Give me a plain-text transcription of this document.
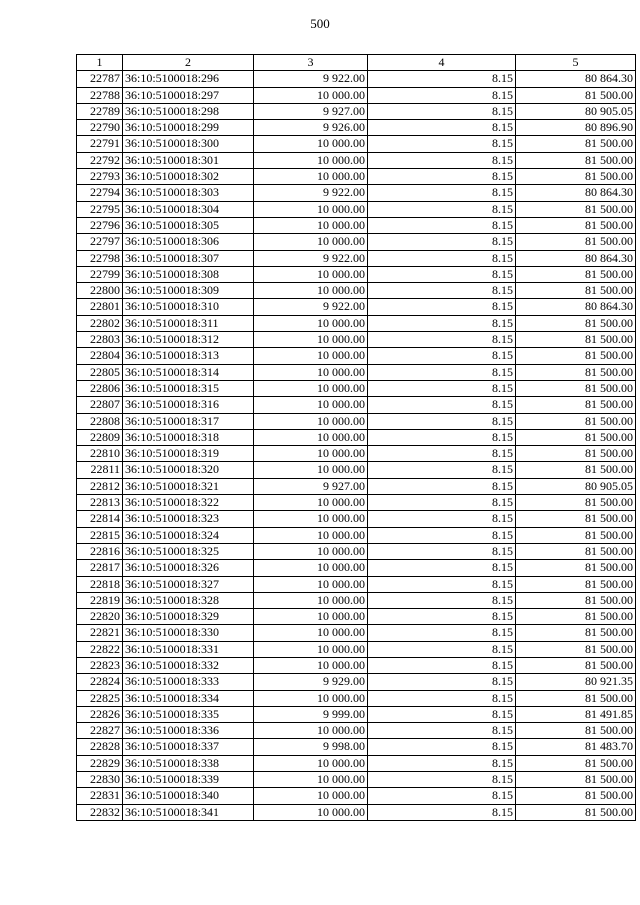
500
1	2	3	4	5
22787	36:10:5100018:296	9 922.00	8.15	80 864.30
22788	36:10:5100018:297	10 000.00	8.15	81 500.00
22789	36:10:5100018:298	9 927.00	8.15	80 905.05
22790	36:10:5100018:299	9 926.00	8.15	80 896.90
22791	36:10:5100018:300	10 000.00	8.15	81 500.00
22792	36:10:5100018:301	10 000.00	8.15	81 500.00
22793	36:10:5100018:302	10 000.00	8.15	81 500.00
22794	36:10:5100018:303	9 922.00	8.15	80 864.30
22795	36:10:5100018:304	10 000.00	8.15	81 500.00
22796	36:10:5100018:305	10 000.00	8.15	81 500.00
22797	36:10:5100018:306	10 000.00	8.15	81 500.00
22798	36:10:5100018:307	9 922.00	8.15	80 864.30
22799	36:10:5100018:308	10 000.00	8.15	81 500.00
22800	36:10:5100018:309	10 000.00	8.15	81 500.00
22801	36:10:5100018:310	9 922.00	8.15	80 864.30
22802	36:10:5100018:311	10 000.00	8.15	81 500.00
22803	36:10:5100018:312	10 000.00	8.15	81 500.00
22804	36:10:5100018:313	10 000.00	8.15	81 500.00
22805	36:10:5100018:314	10 000.00	8.15	81 500.00
22806	36:10:5100018:315	10 000.00	8.15	81 500.00
22807	36:10:5100018:316	10 000.00	8.15	81 500.00
22808	36:10:5100018:317	10 000.00	8.15	81 500.00
22809	36:10:5100018:318	10 000.00	8.15	81 500.00
22810	36:10:5100018:319	10 000.00	8.15	81 500.00
22811	36:10:5100018:320	10 000.00	8.15	81 500.00
22812	36:10:5100018:321	9 927.00	8.15	80 905.05
22813	36:10:5100018:322	10 000.00	8.15	81 500.00
22814	36:10:5100018:323	10 000.00	8.15	81 500.00
22815	36:10:5100018:324	10 000.00	8.15	81 500.00
22816	36:10:5100018:325	10 000.00	8.15	81 500.00
22817	36:10:5100018:326	10 000.00	8.15	81 500.00
22818	36:10:5100018:327	10 000.00	8.15	81 500.00
22819	36:10:5100018:328	10 000.00	8.15	81 500.00
22820	36:10:5100018:329	10 000.00	8.15	81 500.00
22821	36:10:5100018:330	10 000.00	8.15	81 500.00
22822	36:10:5100018:331	10 000.00	8.15	81 500.00
22823	36:10:5100018:332	10 000.00	8.15	81 500.00
22824	36:10:5100018:333	9 929.00	8.15	80 921.35
22825	36:10:5100018:334	10 000.00	8.15	81 500.00
22826	36:10:5100018:335	9 999.00	8.15	81 491.85
22827	36:10:5100018:336	10 000.00	8.15	81 500.00
22828	36:10:5100018:337	9 998.00	8.15	81 483.70
22829	36:10:5100018:338	10 000.00	8.15	81 500.00
22830	36:10:5100018:339	10 000.00	8.15	81 500.00
22831	36:10:5100018:340	10 000.00	8.15	81 500.00
22832	36:10:5100018:341	10 000.00	8.15	81 500.00
